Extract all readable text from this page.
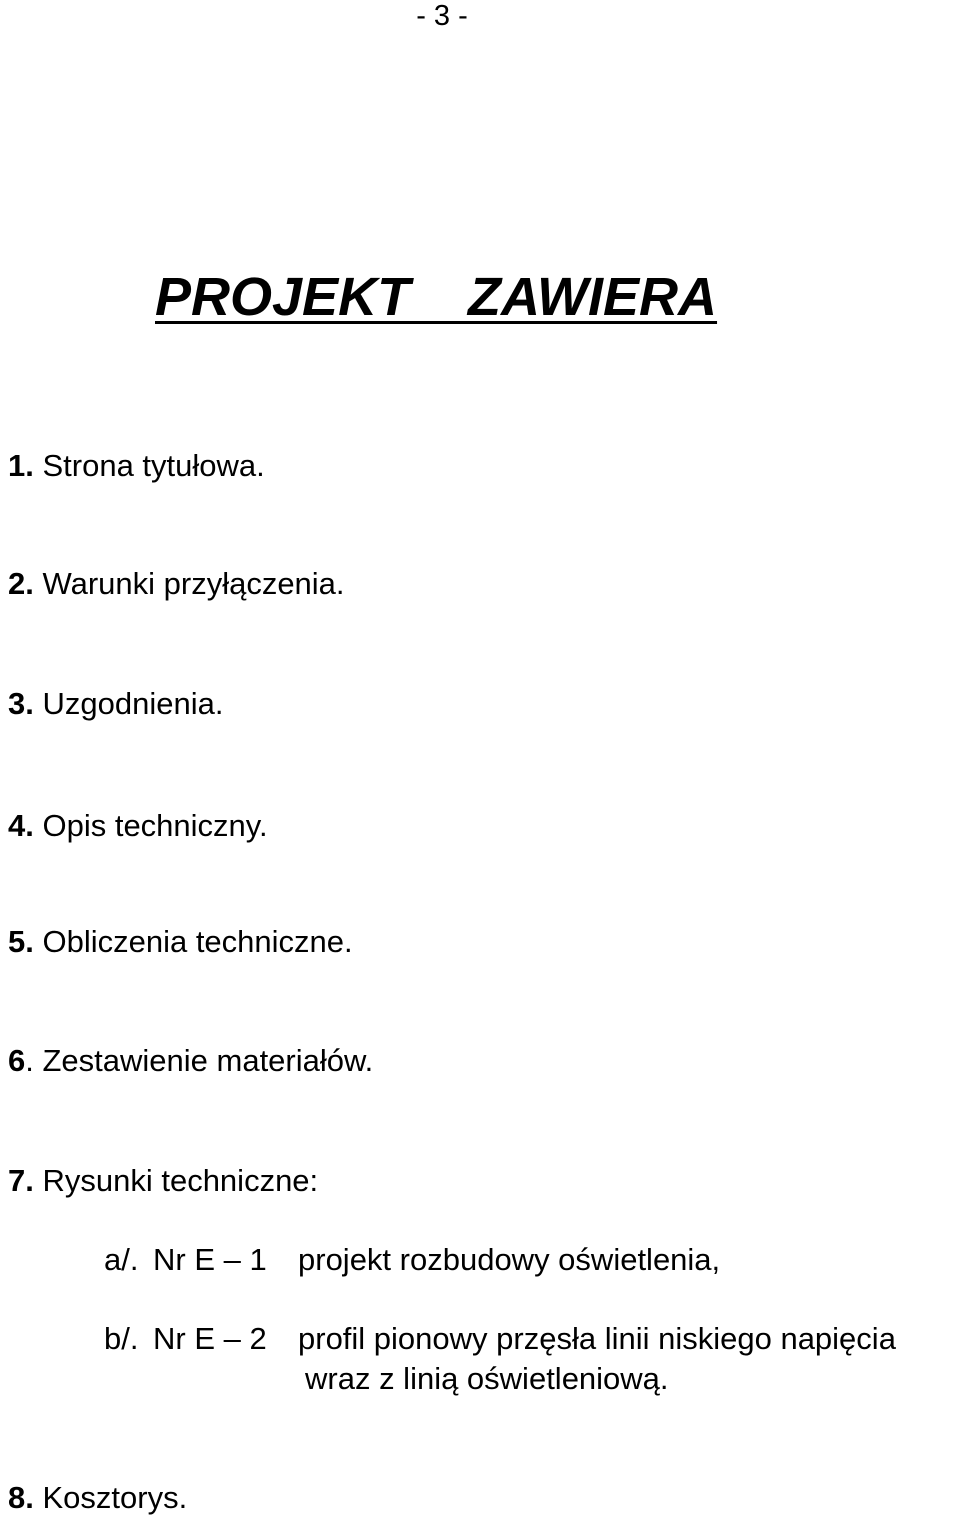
- 3 -
PROJEKT  ZAWIERA
1. Strona tytułowa.
2. Warunki przyłączenia.
3. Uzgodnienia.
4. Opis techniczny.
5. Obliczenia techniczne.
6. Zestawienie materiałów.
7. Rysunki techniczne:
a/. Nr E – 1 projekt rozbudowy oświetlenia,
b/. Nr E – 2 profil pionowy przęsła linii niskiego napięcia
wraz z linią oświetleniową.
8. Kosztorys.
